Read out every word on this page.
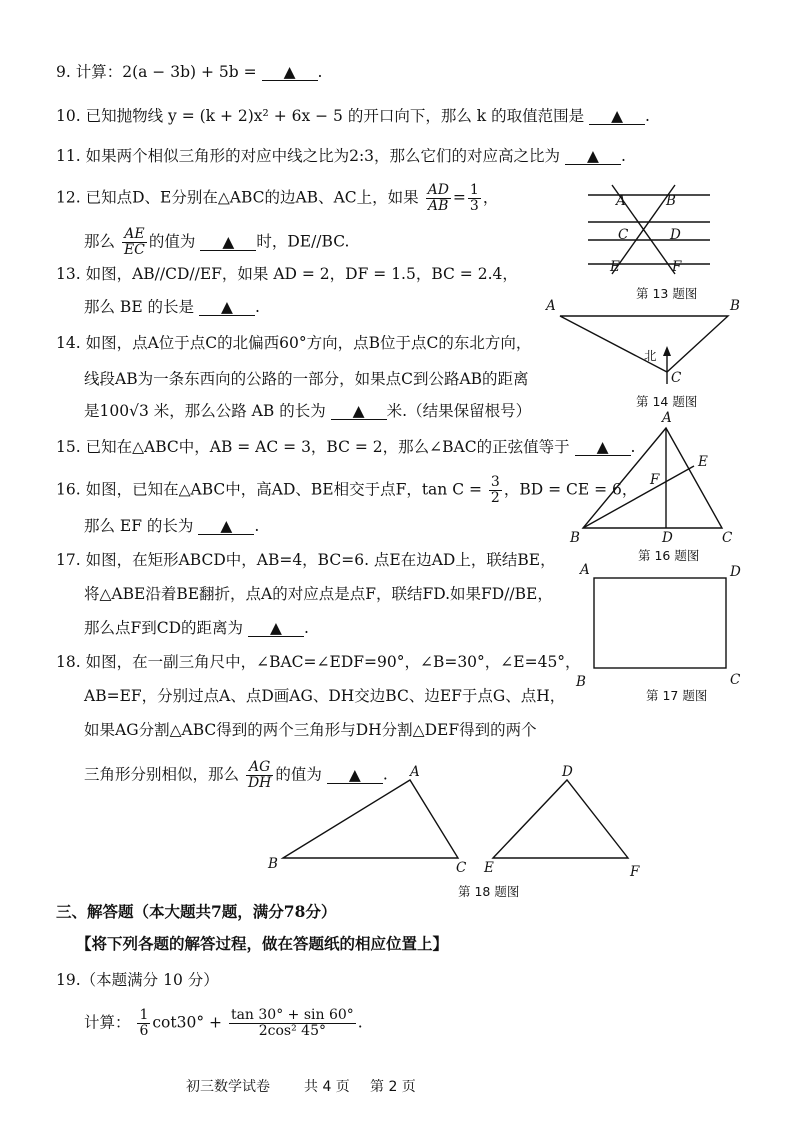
9. 计算：2(a − 3b) + 5b = ▲ .
10. 已知抛物线 y = (k + 2)x² + 6x − 5 的开口向下，那么 k 的取值范围是 ▲ .
11. 如果两个相似三角形的对应中线之比为2:3，那么它们的对应高之比为 ▲ .
12. 已知点D、E分别在△ABC的边AB、AC上，如果 $\frac{AD}{AB} = \frac{1}{3}$ ，
那么 $\frac{AE}{EC}$ 的值为 ▲ 时，DE//BC.
13. 如图，AB//CD//EF，如果 AD = 2，DF = 1.5，BC = 2.4，
那么 BE 的长是 ▲ .
14. 如图，点A位于点C的北偏西60°方向，点B位于点C的东北方向，
线段AB为一条东西向的公路的一部分，如果点C到公路AB的距离
是100√3 米，那么公路 AB 的长为 ▲ 米.（结果保留根号）
15. 已知在△ABC中，AB = AC = 3，BC = 2，那么∠BAC的正弦值等于 ▲ .
16. 如图，已知在△ABC中，高AD、BE相交于点F，$\tan C = \frac{3}{2}$ ，BD = CE = 6，
那么 EF 的长为 ▲ .
17. 如图，在矩形ABCD中，AB=4，BC=6. 点E在边AD上，联结BE，
将△ABE沿着BE翻折，点A的对应点是点F，联结FD.如果FD//BE，
那么点F到CD的距离为 ▲ .
18. 如图，在一副三角尺中，∠BAC=∠EDF=90°，∠B=30°，∠E=45°，
AB=EF，分别过点A、点D画AG、DH交边BC、边EF于点G、点H，
如果AG分割△ABC得到的两个三角形与DH分割△DEF得到的两个
三角形分别相似，那么 $\frac{AG}{DH}$ 的值为 ▲ .
三、解答题（本大题共7题，满分78分）
【将下列各题的解答过程，做在答题纸的相应位置上】
19.（本题满分 10 分）
计算： $\frac{1}{6} \cot 30^\circ + \frac{\tan 30^\circ + \sin 60^\circ}{\text{2cos² 45°}}$ .
初三数学试卷 共 4 页 第 2 页
A	B
C	D
E	F
第 13 题图
A	B
C
北
第 14 题图
A
B	C
D
E
F
第 16 题图
A
B	C
D
第 17 题图
A
B	C
D
E	F
第 18 题图
